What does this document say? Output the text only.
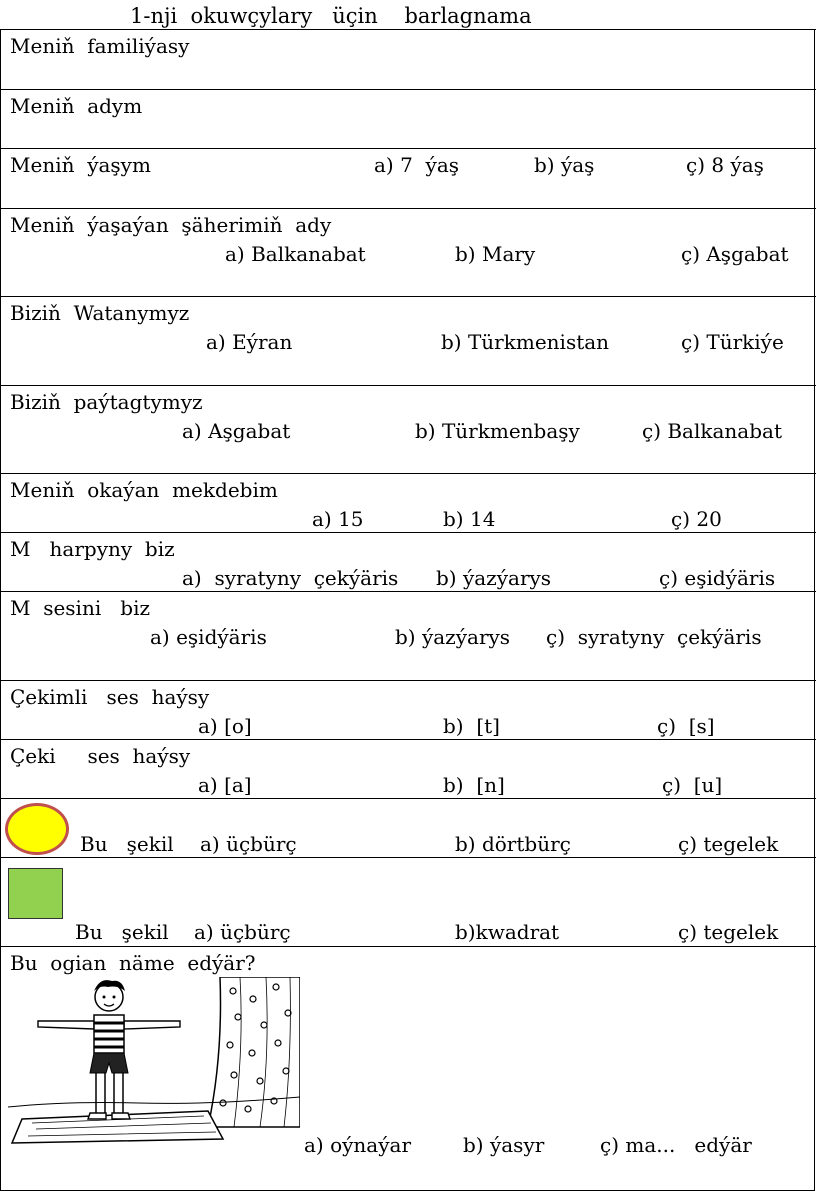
1-nji  okuwçylary   üçin    barlagnama
Meniň  familiýasy
Meniň  adym
Meniň  ýaşym	a) 7  ýaş	b) ýaş	ç) 8 ýaş
Meniň  ýaşaýan  şäherimiň  ady
a) Balkanabat	b) Mary	ç) Aşgabat
Biziň  Watanymyz
a) Eýran	b) Türkmenistan	ç) Türkiýe
Biziň  paýtagtymyz
a) Aşgabat	b) Türkmenbaşy	ç) Balkanabat
Meniň  okaýan  mekdebim
a) 15	b) 14	ç) 20
M   harpyny  biz
a)  syratyny  çekýäris b) ýazýarys	ç) eşidýäris
M  sesini   biz
a) eşidýäris	b) ýazýarys ç)  syratyny  çekýäris
Çekimli   ses  haýsy
a) [o]	b)  [t]	ç)  [s]
Çeki     ses  haýsy
a) [a]	b)  [n]	ç)  [u]
Bu   şekil a) üçbürç	b) dörtbürç	ç) tegelek
Bu   şekil a) üçbürç	b)kwadrat	ç) tegelek
Bu  ogian  näme  edýär?
a) oýnaýar	b) ýasyr	ç) ma...   edýär
